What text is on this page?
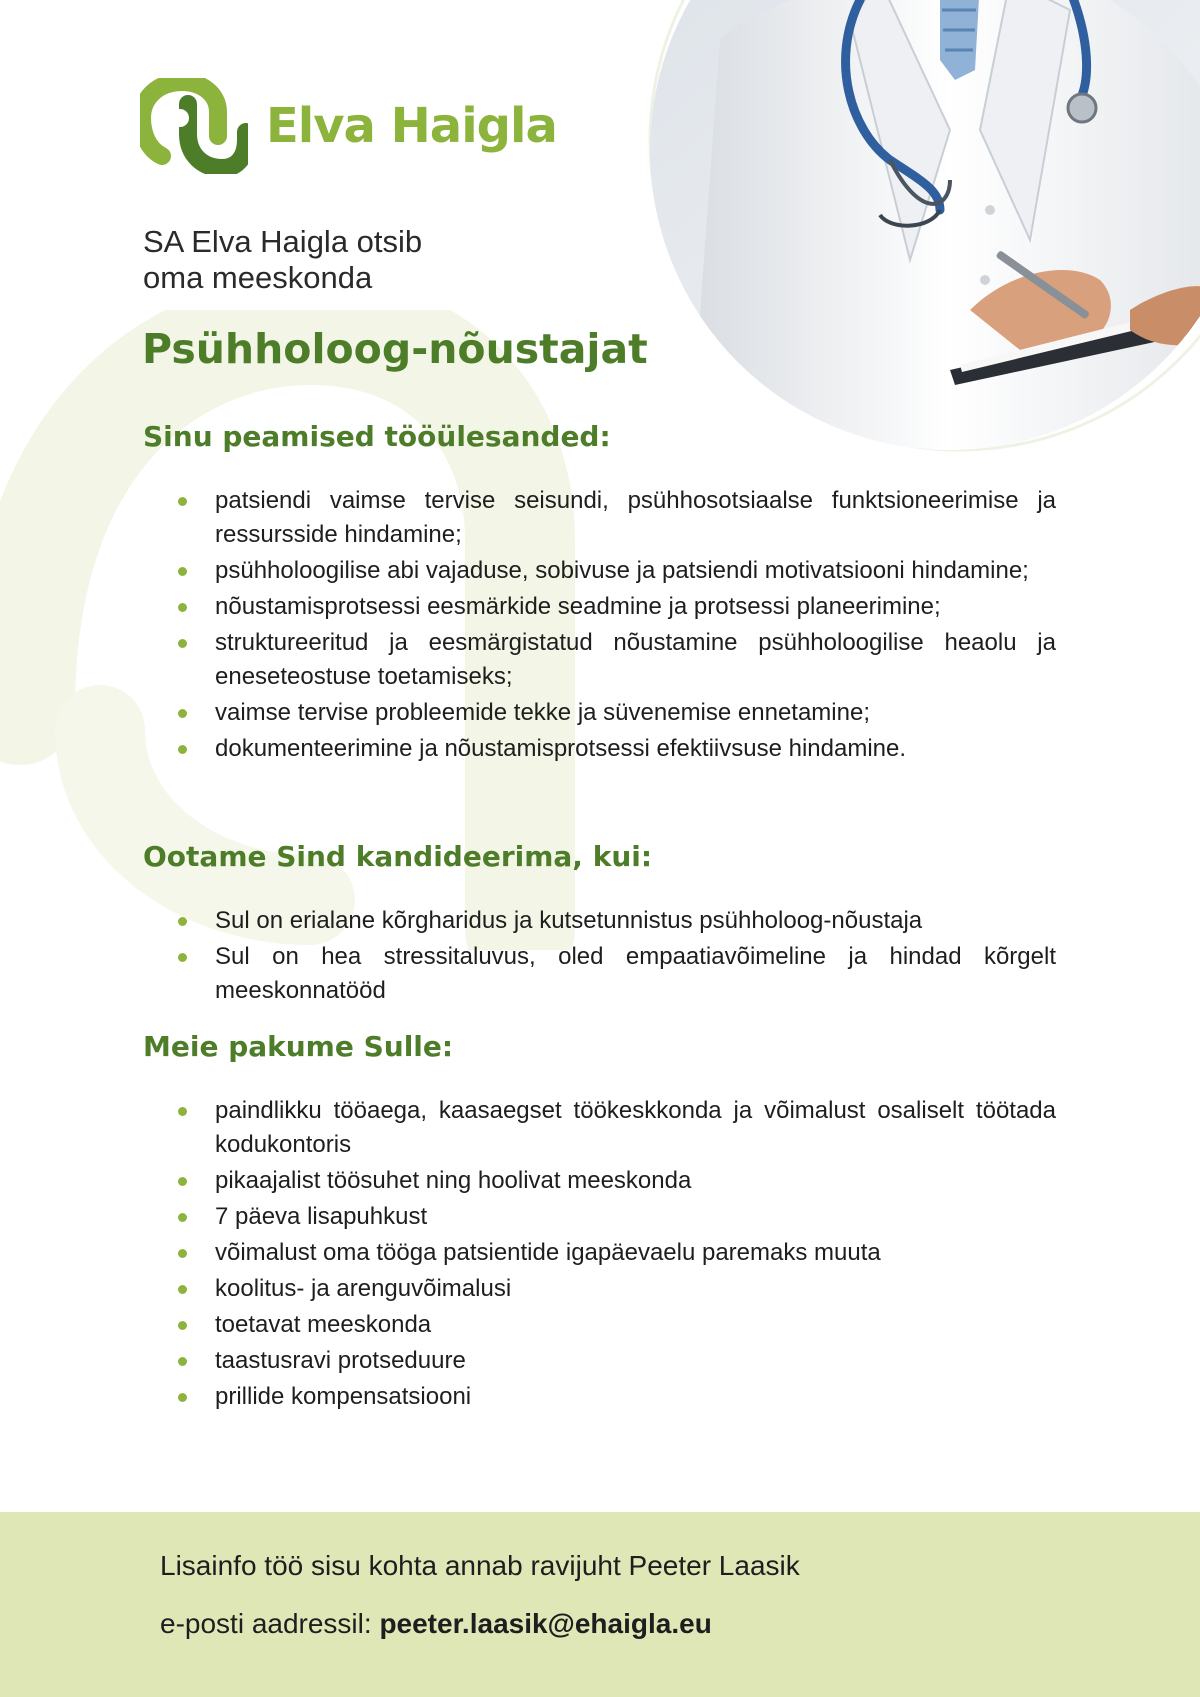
Elva Haigla
SA Elva Haigla otsib
oma meeskonda
Psühholoog-nõustajat
Sinu peamised tööülesanded:
patsiendi vaimse tervise seisundi, psühhosotsiaalse funktsioneerimise ja ressursside hindamine;
psühholoogilise abi vajaduse, sobivuse ja patsiendi motivatsiooni hindamine;
nõustamisprotsessi eesmärkide seadmine ja protsessi planeerimine;
struktureeritud ja eesmärgistatud nõustamine psühholoogilise heaolu ja eneseteostuse toetamiseks;
vaimse tervise probleemide tekke ja süvenemise ennetamine;
dokumenteerimine ja nõustamisprotsessi efektiivsuse hindamine.
Ootame Sind kandideerima, kui:
Sul on erialane kõrgharidus ja kutsetunnistus psühholoog-nõustaja
Sul on hea stressitaluvus, oled empaatiavõimeline ja hindad kõrgelt meeskonnatööd
Meie pakume Sulle:
paindlikku tööaega, kaasaegset töökeskkonda ja võimalust osaliselt töötada kodukontoris
pikaajalist töösuhet ning hoolivat meeskonda
7 päeva lisapuhkust
võimalust oma tööga patsientide igapäevaelu paremaks muuta
koolitus- ja arenguvõimalusi
toetavat meeskonda
taastusravi protseduure
prillide kompensatsiooni
Lisainfo töö sisu kohta annab ravijuht Peeter Laasik
e-posti aadressil: peeter.laasik@ehaigla.eu
